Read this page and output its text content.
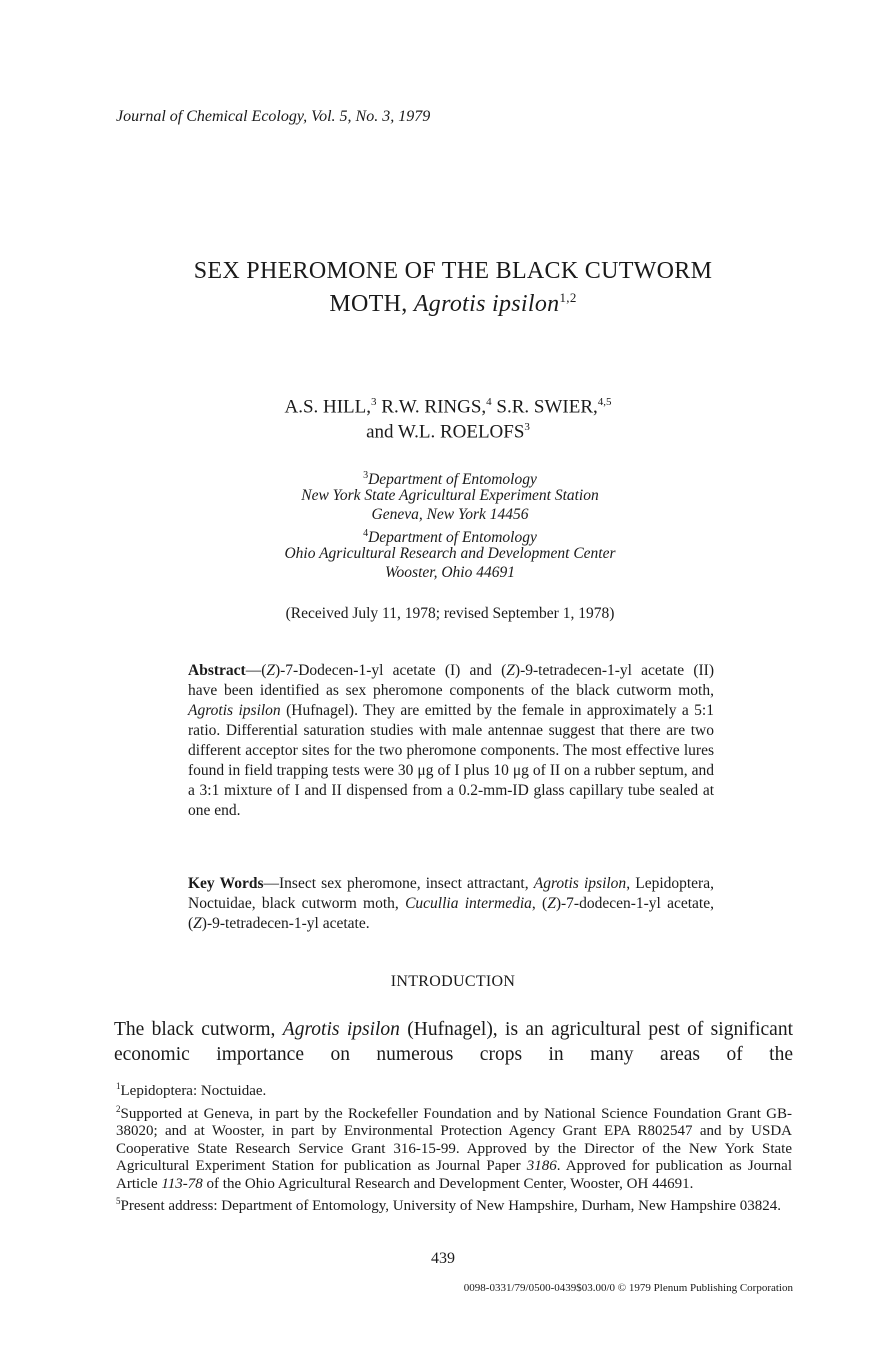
Journal of Chemical Ecology, Vol. 5, No. 3, 1979
SEX PHEROMONE OF THE BLACK CUTWORM
MOTH, Agrotis ipsilon$^{1,2}$
A.S. HILL,$^3$ R.W. RINGS,$^4$ S.R. SWIER,$^{4,5}$
and W.L. ROELOFS$^3$
$^3$Department of Entomology
New York State Agricultural Experiment Station
Geneva, New York 14456
$^4$Department of Entomology
Ohio Agricultural Research and Development Center
Wooster, Ohio 44691
(Received July 11, 1978; revised September 1, 1978)
Abstract—(Z)-7-Dodecen-1-yl acetate (I) and (Z)-9-tetradecen-1-yl acetate (II) have been identified as sex pheromone components of the black cutworm moth, Agrotis ipsilon (Hufnagel). They are emitted by the female in approximately a 5:1 ratio. Differential saturation studies with male antennae suggest that there are two different acceptor sites for the two pheromone components. The most effective lures found in field trapping tests were 30 μg of I plus 10 μg of II on a rubber septum, and a 3:1 mixture of I and II dispensed from a 0.2-mm-ID glass capillary tube sealed at one end.
Key Words—Insect sex pheromone, insect attractant, Agrotis ipsilon, Lepidoptera, Noctuidae, black cutworm moth, Cucullia intermedia, (Z)-7-dodecen-1-yl acetate, (Z)-9-tetradecen-1-yl acetate.
INTRODUCTION

The black cutworm, Agrotis ipsilon (Hufnagel), is an agricultural pest of significant economic importance on numerous crops in many areas of the

$^1$Lepidoptera: Noctuidae.

$^2$Supported at Geneva, in part by the Rockefeller Foundation and by National Science Foundation Grant GB-38020; and at Wooster, in part by Environmental Protection Agency Grant EPA R802547 and by USDA Cooperative State Research Service Grant 316-15-99. Approved by the Director of the New York State Agricultural Experiment Station for publication as Journal Paper 3186. Approved for publication as Journal Article 113-78 of the Ohio Agricultural Research and Development Center, Wooster, OH 44691.

$^5$Present address: Department of Entomology, University of New Hampshire, Durham, New Hampshire 03824.

439
0098-0331/79/0500-0439$03.00/0 © 1979 Plenum Publishing Corporation
